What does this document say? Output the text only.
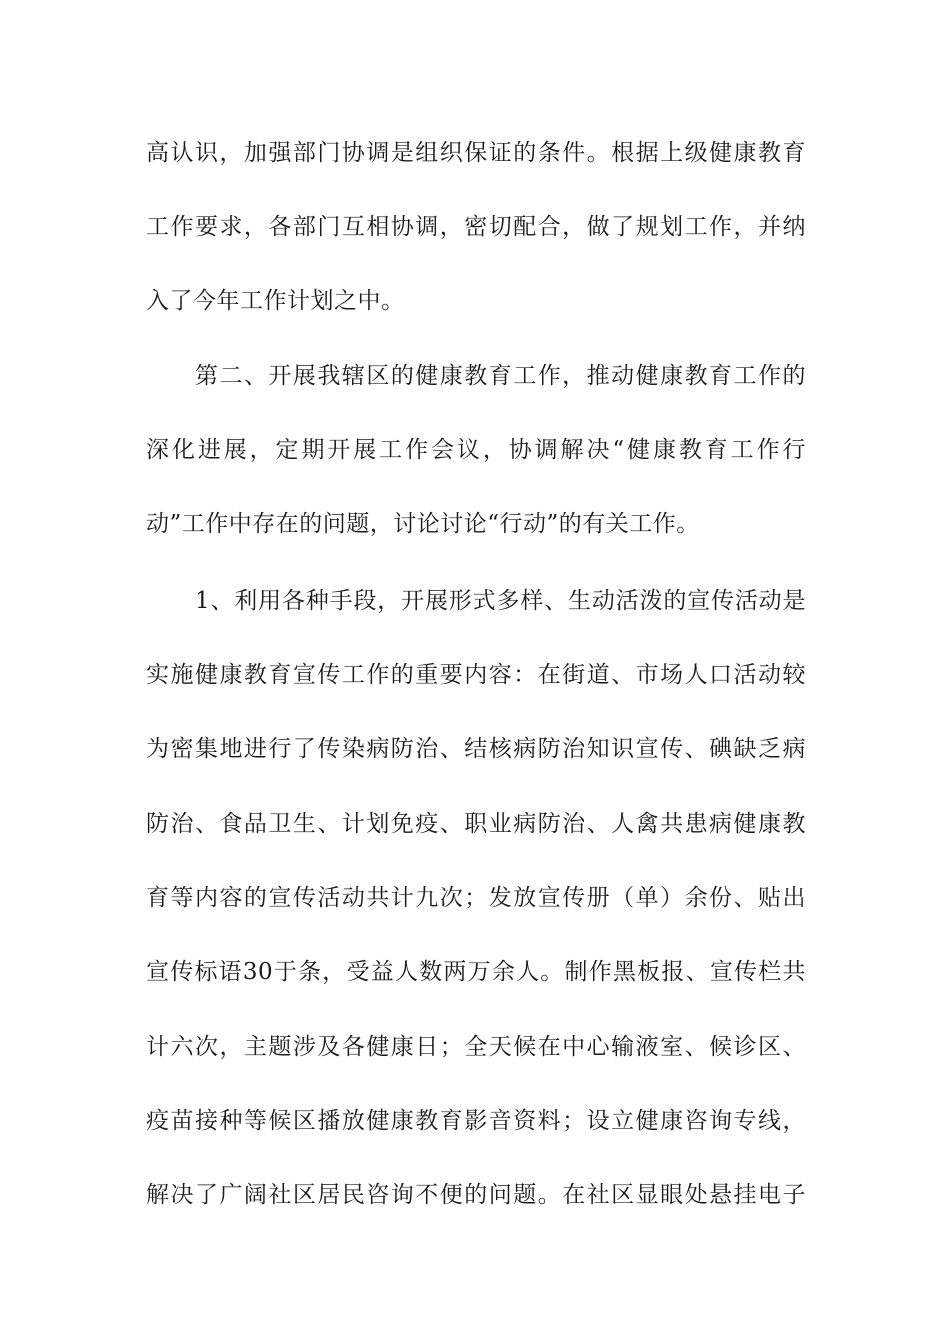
高认识，加强部门协调是组织保证的条件。根据上级健康教育
工作要求，各部门互相协调，密切配合，做了规划工作，并纳
入了今年工作计划之中。
第二、开展我辖区的健康教育工作，推动健康教育工作的
深化进展，定期开展工作会议，协调解决“健康教育工作行
动”工作中存在的问题，讨论讨论“行动”的有关工作。
1、利用各种手段，开展形式多样、生动活泼的宣传活动是
实施健康教育宣传工作的重要内容：在街道、市场人口活动较
为密集地进行了传染病防治、结核病防治知识宣传、碘缺乏病
防治、食品卫生、计划免疫、职业病防治、人禽共患病健康教
育等内容的宣传活动共计九次；发放宣传册（单）余份、贴出
宣传标语30于条，受益人数两万余人。制作黑板报、宣传栏共
计六次，主题涉及各健康日；全天候在中心输液室、候诊区、
疫苗接种等候区播放健康教育影音资料；设立健康咨询专线，
解决了广阔社区居民咨询不便的问题。在社区显眼处悬挂电子
